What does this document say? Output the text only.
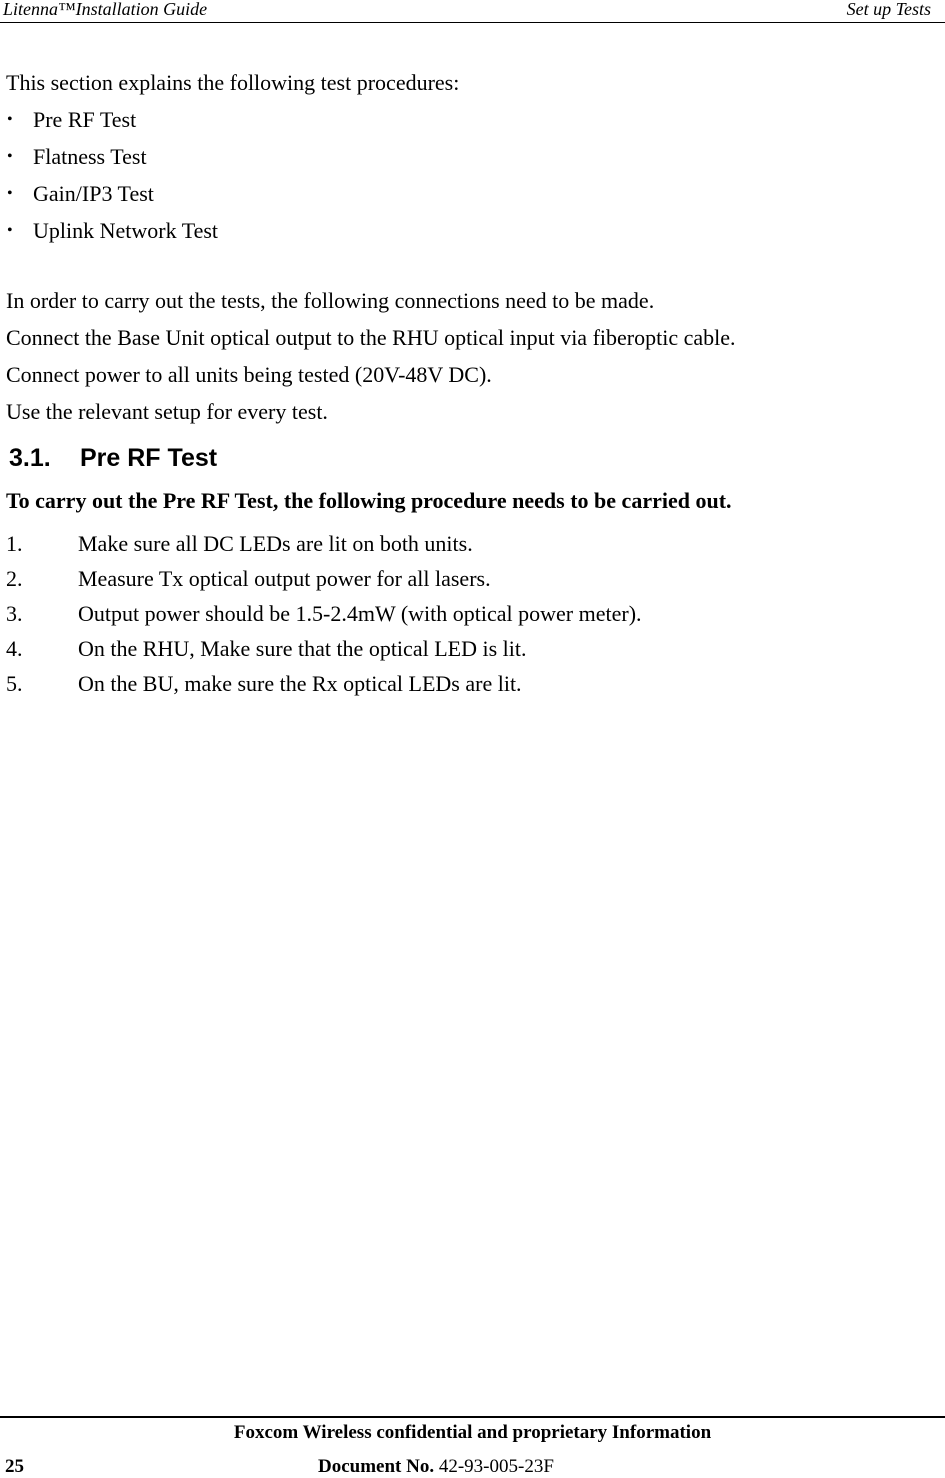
Litenna™Installation Guide	Set up Tests
This section explains the following test procedures:
• Pre RF Test
• Flatness Test
• Gain/IP3 Test
• Uplink Network Test
In order to carry out the tests, the following connections need to be made.
Connect the Base Unit optical output to the RHU optical input via fiberoptic cable.
Connect power to all units being tested (20V-48V DC).
Use the relevant setup for every test.
3.1. Pre RF Test
To carry out the Pre RF Test, the following procedure needs to be carried out.
1.	Make sure all DC LEDs are lit on both units.
2.	Measure Tx optical output power for all lasers.
3.	Output power should be 1.5-2.4mW (with optical power meter).
4.	On the RHU, Make sure that the optical LED is lit.
5.	On the BU, make sure the Rx optical LEDs are lit.
Foxcom Wireless confidential and proprietary Information
25	Document No. 42-93-005-23F
